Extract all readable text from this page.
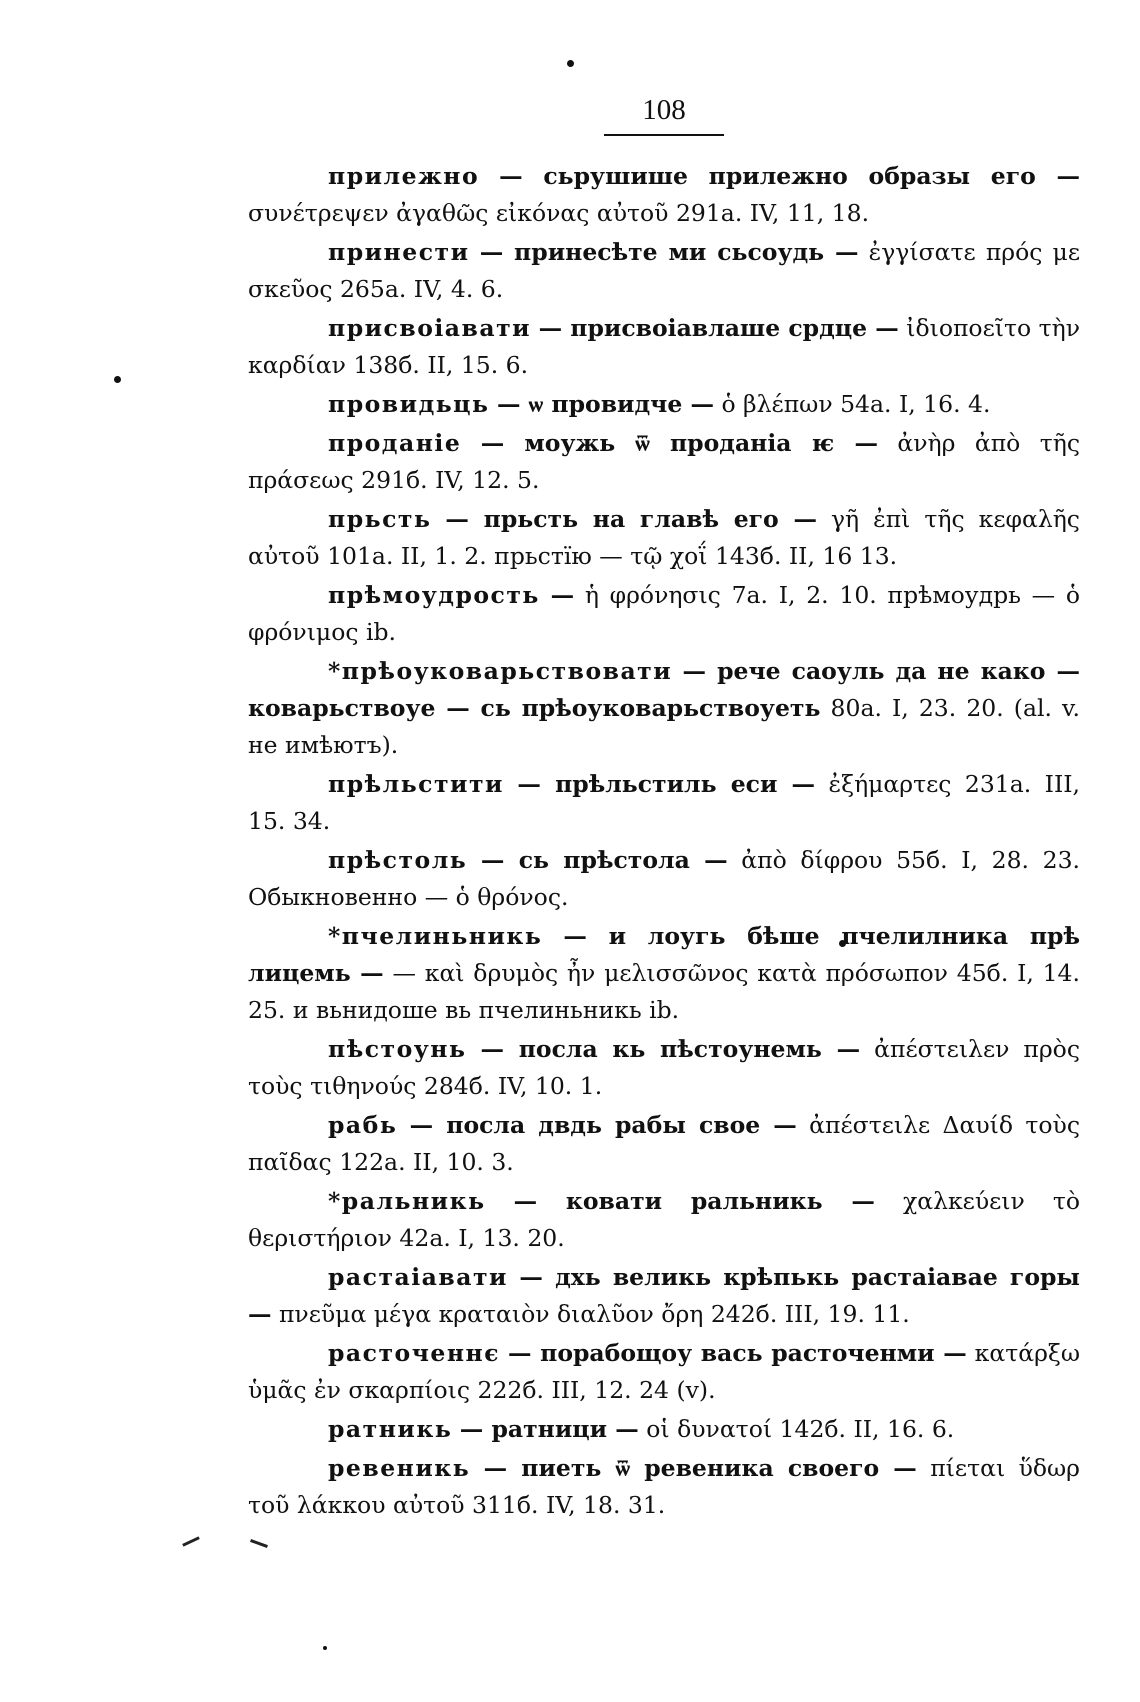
108

прилежно — сьрушише прилежно образы его — συνέτρεψεν ἀγαθῶς εἰκόνας αὐτοῦ 291а. IV, 11, 18.

принести — принесѣте ми сьсоудь — ἐγγίσατε πρός με σκεῦος 265а. IV, 4. 6.

присвоіавати — присвоіавлаше срдце — ἰδιοποεῖτο τὴν καρδίαν 138б. II, 15. 6.

провидьць — ѡ провидче — ὁ βλέπων 54а. I, 16. 4.

проданіе — моужь ѿ проданіа ѥ — ἀνὴρ ἀπὸ τῆς πράσεως 291б. IV, 12. 5.

прьсть — прьсть на главѣ его — γῆ ἐπὶ τῆς κεφαλῆς αὐτοῦ 101а. II, 1. 2. прьстїю — τῷ χοΐ 143б. II, 16 13.

прѣмоудрость — ἡ φρόνησις 7а. I, 2. 10. прѣмоудрь — ὁ φρόνιμος ib.

*прѣоуковарьствовати — рече саоуль да не како — коварьствоуе — сь прѣоуковарьствоуеть 80а. I, 23. 20. (al. v. не имѣютъ).

прѣльстити — прѣльстиль еси — ἐξήμαρτες 231а. III, 15. 34.

прѣстоль — сь прѣстола — ἀπὸ δίφρου 55б. I, 28. 23. Обыкновенно — ὁ θρόνος.

*пчелиньникь — и лоугь бѣше пчелилника прѣ лицемь — — καὶ δρυμὸς ἦν μελισσῶνος κατὰ πρόσωπον 45б. I, 14. 25. и вьнидоше вь пчелиньникь ib.

пѣстоунь — посла кь пѣстоунемь — ἀπέστειλεν πρὸς τοὺς τιθηνούς 284б. IV, 10. 1.

рабь — посла двдь рабы свое — ἀπέστειλε Δαυίδ τοὺς παῖδας 122а. II, 10. 3.

*ральникь — ковати ральникь — χαλκεύειν τὸ θεριστήριον 42а. I, 13. 20.

растаіавати — дхь великь крѣпькь растаіавае горы — πνεῦμα μέγα κραταιὸν διαλῦον ὄρη 242б. III, 19. 11.

расточеннє — порабощоу вась расточенми — κατάρξω ὑμᾶς ἐν σκαρπίοις 222б. III, 12. 24 (v).

ратникь — ратници — οἱ δυνατοί 142б. II, 16. 6.

ревеникь — пиеть ѿ ревеника своего — πίεται ὕδωρ τοῦ λάκκου αὐτοῦ 311б. IV, 18. 31.
